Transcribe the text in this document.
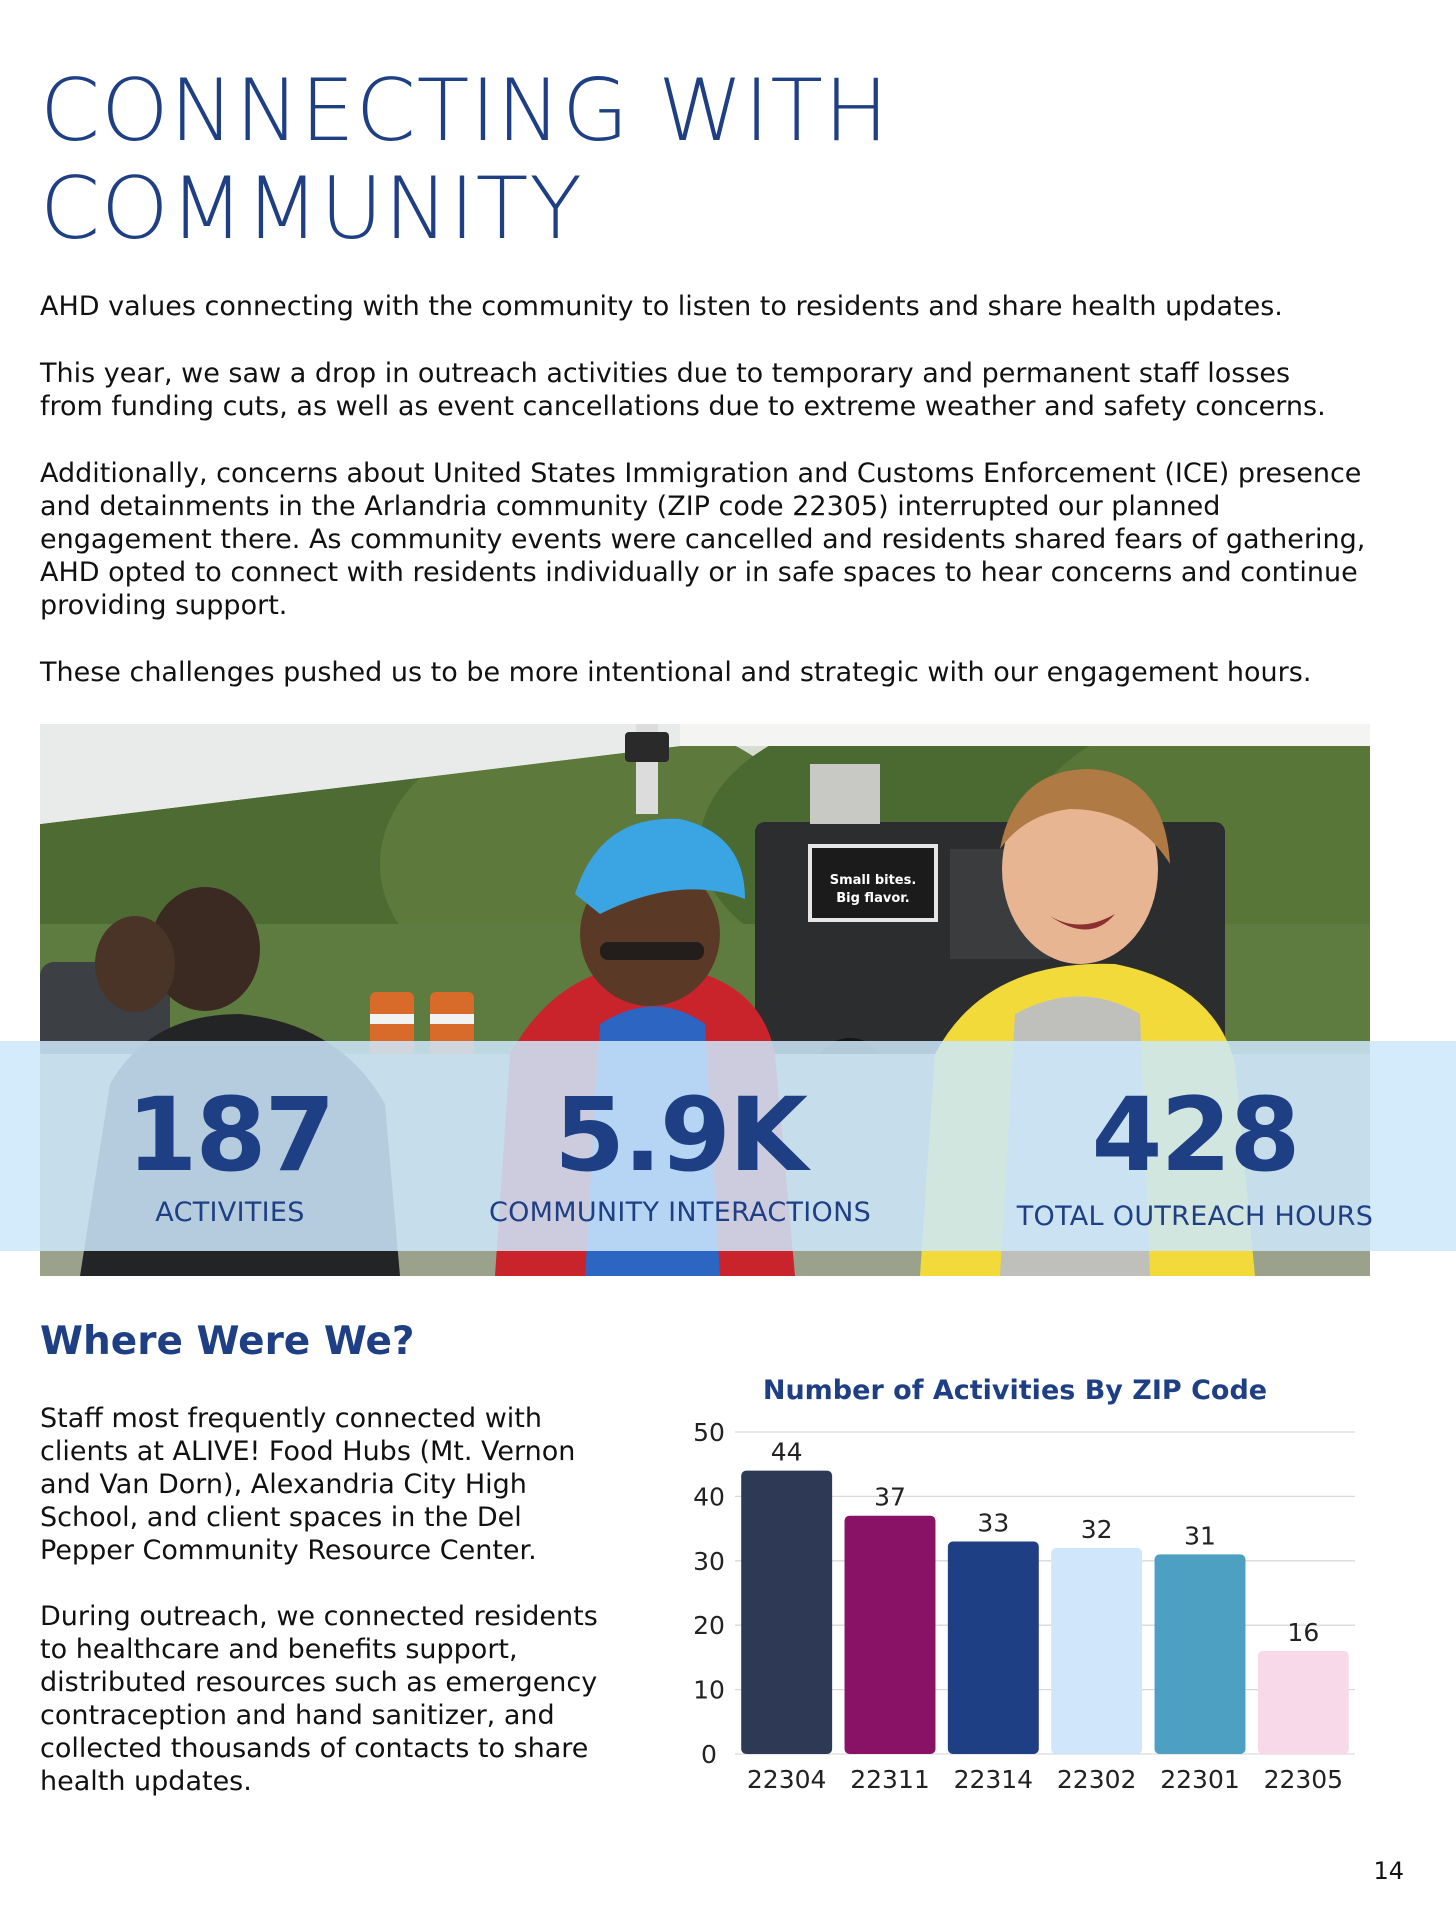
CONNECTING WITH
COMMUNITY
AHD values connecting with the community to listen to residents and share health updates.
This year, we saw a drop in outreach activities due to temporary and permanent staff losses from funding cuts, as well as event cancellations due to extreme weather and safety concerns.
Additionally, concerns about United States Immigration and Customs Enforcement (ICE) presence and detainments in the Arlandria community (ZIP code 22305) interrupted our planned engagement there. As community events were cancelled and residents shared fears of gathering, AHD opted to connect with residents individually or in safe spaces to hear concerns and continue providing support.
These challenges pushed us to be more intentional and strategic with our engagement hours.
Small bites.
Big flavor.
187
ACTIVITIES
5.9K
COMMUNITY INTERACTIONS
428
TOTAL OUTREACH HOURS
Where Were We?
Staff most frequently connected with clients at ALIVE! Food Hubs (Mt. Vernon and Van Dorn), Alexandria City High School, and client spaces in the Del Pepper Community Resource Center.
During outreach, we connected residents to healthcare and benefits support, distributed resources such as emergency contraception and hand sanitizer, and collected thousands of contacts to share health updates.
Number of Activities By ZIP Code
0
10
20
30
40
50
44
22304
37
22311
33
22314
32
22302
31
22301
16
22305
14
